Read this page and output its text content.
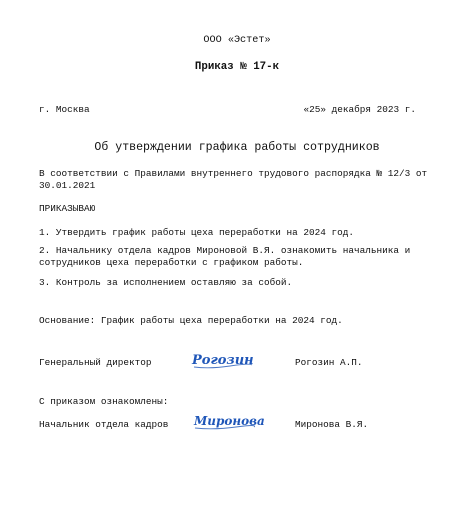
ООО «Эстет»
Приказ № 17-к
г. Москва	«25» декабря 2023 г.
Об утверждении графика работы сотрудников
В соответствии с Правилами внутреннего трудового распорядка № 12/3 от 30.01.2021
ПРИКАЗЫВАЮ
1. Утвердить график работы цеха переработки на 2024 год.
2. Начальнику отдела кадров Мироновой В.Я. ознакомить начальника и сотрудников цеха переработки с графиком работы.
3. Контроль за исполнением оставляю за собой.
Основание: График работы цеха переработки на 2024 год.
Генеральный директор	Рогозин	Рогозин А.П.
С приказом ознакомлены:
Начальник отдела кадров Миронова	Миронова В.Я.
